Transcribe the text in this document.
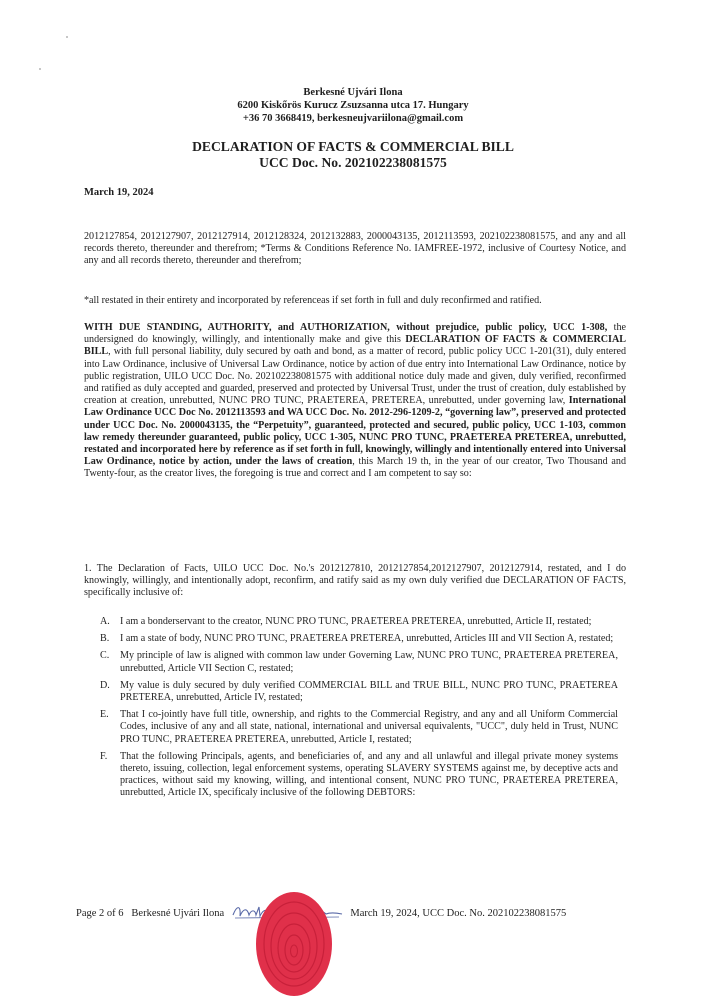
Berkesné Ujvári Ilona
6200 Kiskőrös Kurucz Zsuzsanna utca 17. Hungary
+36 70 3668419, berkesneujvariilona@gmail.com
DECLARATION OF FACTS & COMMERCIAL BILL
UCC Doc. No. 202102238081575
March 19, 2024
2012127854, 2012127907, 2012127914, 2012128324, 2012132883, 2000043135, 2012113593, 202102238081575, and any and all records thereto, thereunder and therefrom; *Terms & Conditions Reference No. IAMFREE-1972, inclusive of Courtesy Notice, and any and all records thereto, thereunder and therefrom;
*all restated in their entirety and incorporated by referenceas if set forth in full and duly reconfirmed and ratified.
WITH DUE STANDING, AUTHORITY, and AUTHORIZATION, without prejudice, public policy, UCC 1-308, the undersigned do knowingly, willingly, and intentionally make and give this DECLARATION OF FACTS & COMMERCIAL BILL, with full personal liability, duly secured by oath and bond, as a matter of record, public policy UCC 1-201(31), duly entered into Law Ordinance, inclusive of Universal Law Ordinance, notice by action of due entry into International Law Ordinance, notice by public registration, UILO UCC Doc. No. 202102238081575 with additional notice duly made and given, duly verified, reconfirmed and ratified as duly accepted and guarded, preserved and protected by Universal Trust, under the trust of creation, duly established by creation at creation, unrebutted, NUNC PRO TUNC, PRAETEREA, PRETEREA, unrebutted, under governing law, International Law Ordinance UCC Doc No. 2012113593 and WA UCC Doc. No. 2012-296-1209-2, “governing law”, preserved and protected under UCC Doc. No. 2000043135, the “Perpetuity”, guaranteed, protected and secured, public policy, UCC 1-103, common law remedy thereunder guaranteed, public policy, UCC 1-305, NUNC PRO TUNC, PRAETEREA PRETEREA, unrebutted, restated and incorporated here by reference as if set forth in full, knowingly, willingly and intentionally entered into Universal Law Ordinance, notice by action, under the laws of creation, this March 19 th, in the year of our creator, Two Thousand and Twenty-four, as the creator lives, the foregoing is true and correct and I am competent to say so:
1. The Declaration of Facts, UILO UCC Doc. No.'s 2012127810, 2012127854,2012127907, 2012127914, restated, and I do knowingly, willingly, and intentionally adopt, reconfirm, and ratify said as my own duly verified due DECLARATION OF FACTS, specifically inclusive of:
A. I am a bonderservant to the creator, NUNC PRO TUNC, PRAETEREA PRETEREA, unrebutted, Article II, restated;
B. I am a state of body, NUNC PRO TUNC, PRAETEREA PRETEREA, unrebutted, Articles III and VII Section A, restated;
C. My principle of law is aligned with common law under Governing Law, NUNC PRO TUNC, PRAETEREA PRETEREA, unrebutted, Article VII Section C, restated;
D. My value is duly secured by duly verified COMMERCIAL BILL and TRUE BILL, NUNC PRO TUNC, PRAETEREA PRETEREA, unrebutted, Article IV, restated;
E. That I co-jointly have full title, ownership, and rights to the Commercial Registry, and any and all Uniform Commercial Codes, inclusive of any and all state, national, international and universal equivalents, "UCC", duly held in Trust, NUNC PRO TUNC, PRAETEREA PRETEREA, unrebutted, Article I, restated;
F. That the following Principals, agents, and beneficiaries of, and any and all unlawful and illegal private money systems thereto, issuing, collection, legal enforcement systems, operating SLAVERY SYSTEMS against me, by deceptive acts and practices, without said my knowing, willing, and intentional consent, NUNC PRO TUNC, PRAETEREA PRETEREA, unrebutted, Article IX, specificaly inclusive of the following DEBTORS:
Page 2 of 6 Berkesné Ujvári Ilona	March 19, 2024, UCC Doc. No. 202102238081575
